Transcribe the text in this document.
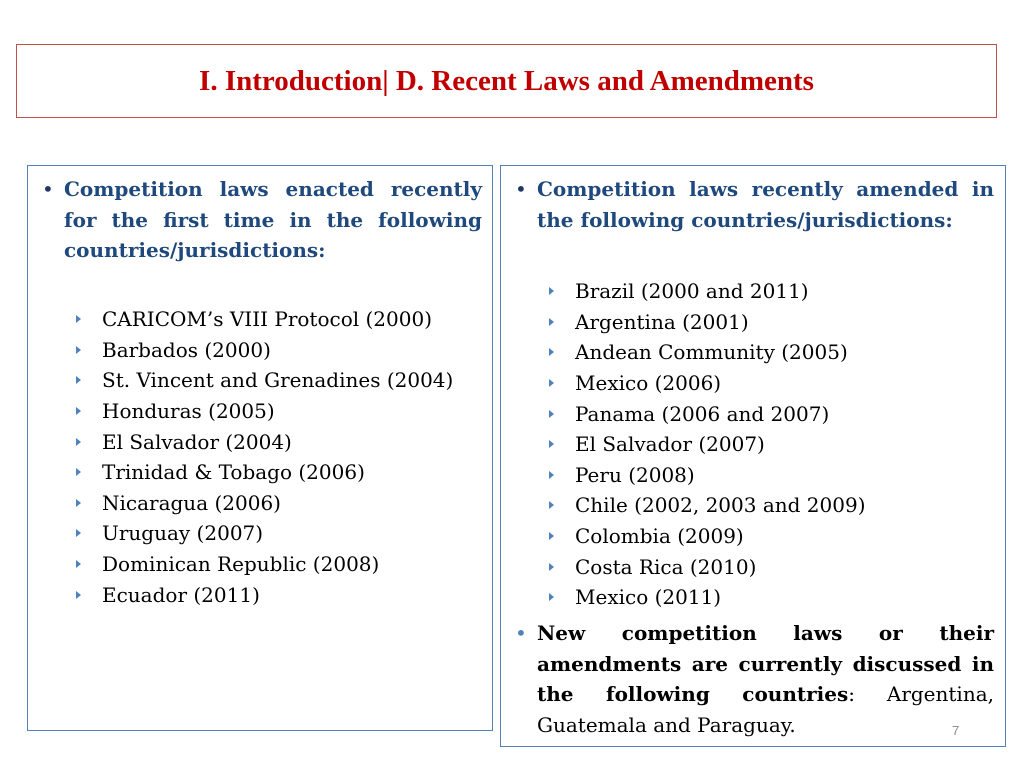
I. Introduction| D. Recent Laws and Amendments
• Competition laws enacted recently for the first time in the following countries/jurisdictions:
CARICOM’s VIII Protocol (2000)
Barbados (2000)
St. Vincent and Grenadines (2004)
Honduras (2005)
El Salvador (2004)
Trinidad & Tobago (2006)
Nicaragua (2006)
Uruguay (2007)
Dominican Republic (2008)
Ecuador (2011)
• Competition laws recently amended in the following countries/jurisdictions:
Brazil (2000 and 2011)
Argentina (2001)
Andean Community (2005)
Mexico (2006)
Panama (2006 and 2007)
El Salvador (2007)
Peru (2008)
Chile (2002, 2003 and 2009)
Colombia (2009)
Costa Rica (2010)
Mexico (2011)
• New competition laws or their amendments are currently discussed in the following countries: Argentina, Guatemala and Paraguay.	7
